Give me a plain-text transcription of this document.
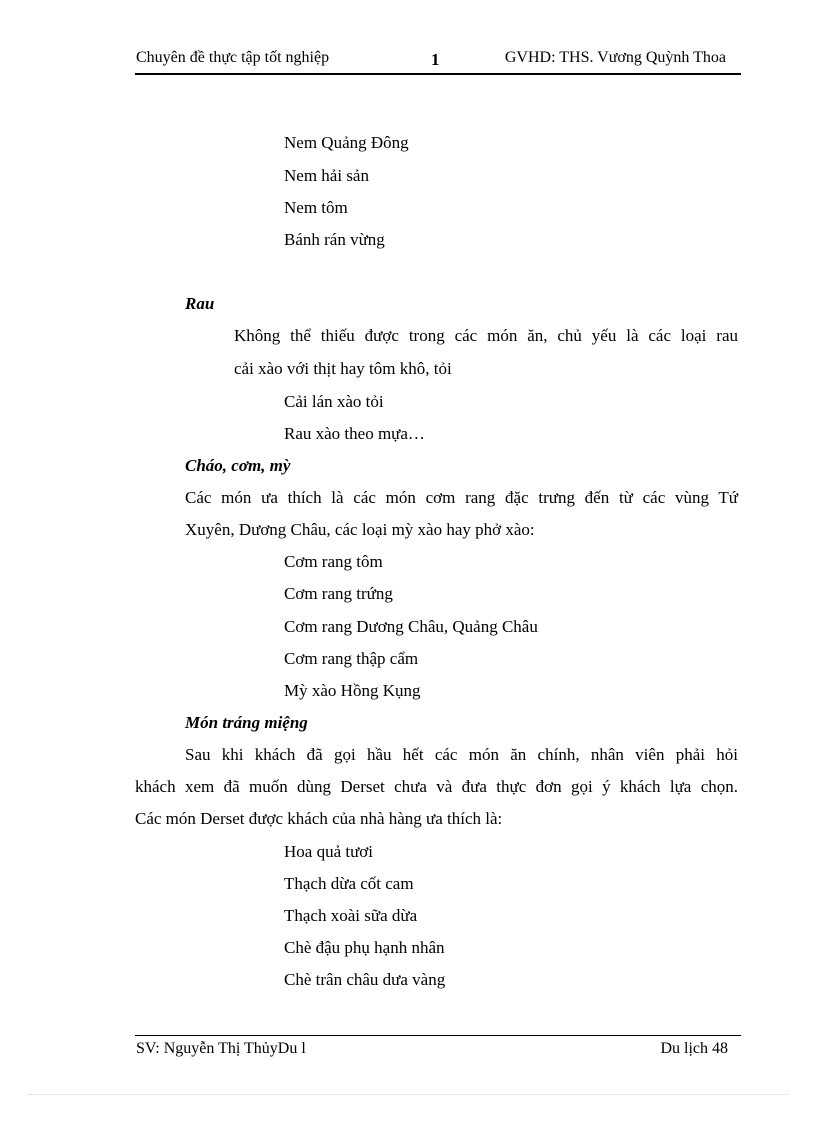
Chuyên đề thực tập tốt nghiệp	1	GVHD: THS. Vương Quỳnh Thoa
Nem Quảng Đông
Nem hải sản
Nem tôm
Bánh rán vừng
Rau
Không thể thiếu được trong các món ăn, chủ yếu là các loại rau
cải xào với thịt hay tôm khô, tỏi
Cải lán xào tỏi
Rau xào theo mựa…
Cháo, cơm, mỳ
Các món ưa thích là các món cơm rang đặc trưng đến từ các vùng Tứ
Xuyên, Dương Châu, các loại mỳ xào hay phở xào:
Cơm rang tôm
Cơm rang trứng
Cơm rang Dương Châu, Quảng Châu
Cơm rang thập cẩm
Mỳ xào Hồng Kụng
Món tráng miệng
Sau khi khách đã gọi hầu hết các món ăn chính, nhân viên phải hỏi
khách xem đã muốn dùng Derset chưa và đưa thực đơn gọi ý khách lựa chọn.
Các món Derset được khách của nhà hàng ưa thích là:
Hoa quả tươi
Thạch dừa cốt cam
Thạch xoài sữa dừa
Chè đậu phụ hạnh nhân
Chè trân châu dưa vàng
SV: Nguyễn Thị ThủyDu l	Du lịch 48
